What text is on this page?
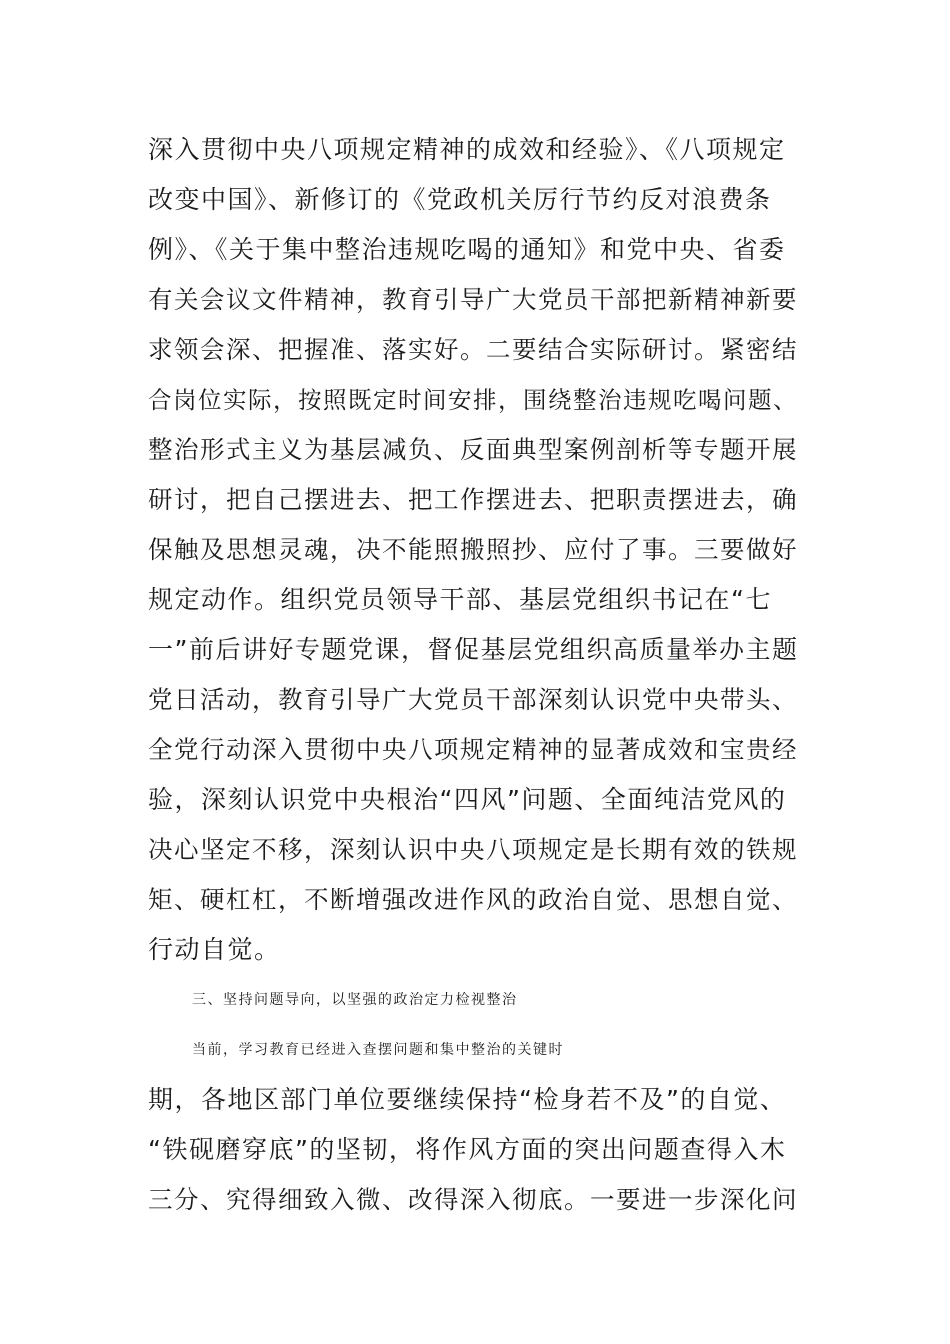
深入贯彻中央八项规定精神的成效和经验》、《八项规定
改变中国》、新修订的《党政机关厉行节约反对浪费条
例》、《关于集中整治违规吃喝的通知》和党中央、省委
有关会议文件精神，教育引导广大党员干部把新精神新要
求领会深、把握准、落实好。二要结合实际研讨。紧密结
合岗位实际，按照既定时间安排，围绕整治违规吃喝问题、
整治形式主义为基层减负、反面典型案例剖析等专题开展
研讨，把自己摆进去、把工作摆进去、把职责摆进去，确
保触及思想灵魂，决不能照搬照抄、应付了事。三要做好
规定动作。组织党员领导干部、基层党组织书记在“七
一”前后讲好专题党课，督促基层党组织高质量举办主题
党日活动，教育引导广大党员干部深刻认识党中央带头、
全党行动深入贯彻中央八项规定精神的显著成效和宝贵经
验，深刻认识党中央根治“四风”问题、全面纯洁党风的
决心坚定不移，深刻认识中央八项规定是长期有效的铁规
矩、硬杠杠，不断增强改进作风的政治自觉、思想自觉、
行动自觉。
三、坚持问题导向，以坚强的政治定力检视整治
当前，学习教育已经进入查摆问题和集中整治的关键时
期，各地区部门单位要继续保持“检身若不及”的自觉、
“铁砚磨穿底”的坚韧，将作风方面的突出问题查得入木
三分、究得细致入微、改得深入彻底。一要进一步深化问
